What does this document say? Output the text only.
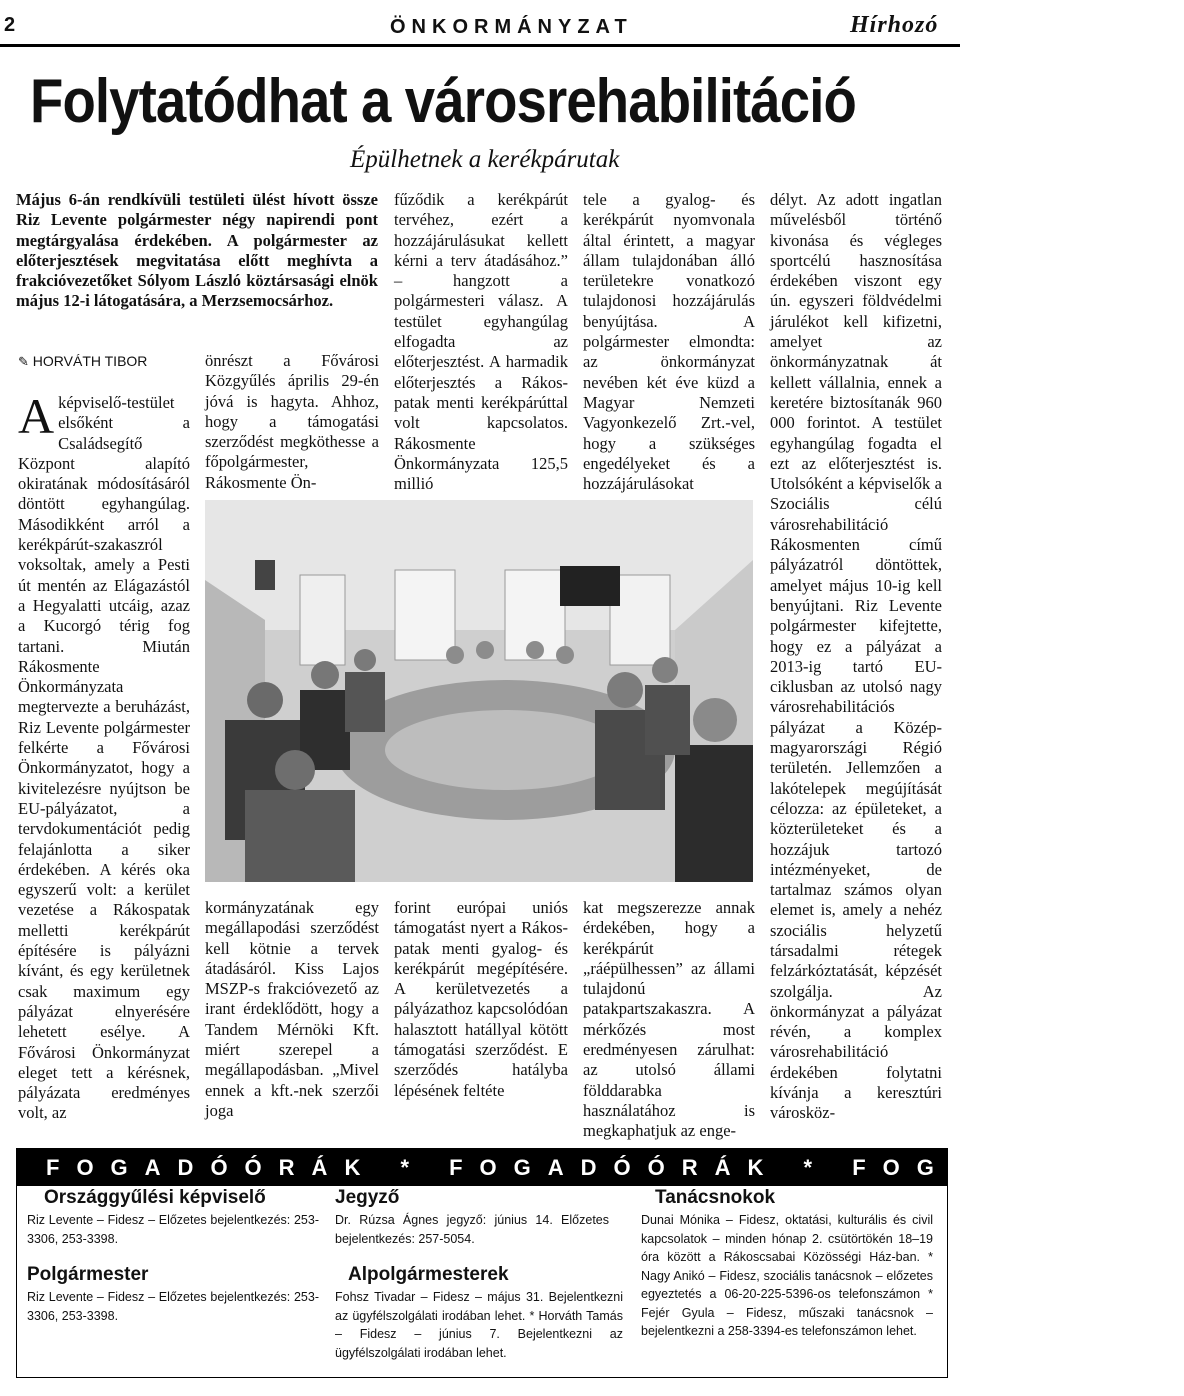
2	ÖNKORMÁNYZAT	Hírhozó
Folytatódhat a városrehabilitáció
Épülhetnek a kerékpárutak
Május 6-án rendkívüli testületi ülést hívott össze Riz Levente polgármester négy napirendi pont megtárgyalása érdekében. A polgármester az előterjesztések megvitatása előtt meghívta a frakcióvezetőket Sólyom László köztársasági elnök május 12-i látogatására, a Merzsemocsárhoz.
✎ HORVÁTH TIBOR
Aképviselő-testület elsőként a Családsegítő Központ alapító okiratának módosításáról döntött egyhangúlag. Másodikként arról a kerékpárút-szakaszról voksoltak, amely a Pesti út mentén az Elágazástól a Hegyalatti utcáig, azaz a Kucorgó térig fog tartani. Miután Rákosmente Önkormányzata megtervezte a beruházást, Riz Levente polgármester felkérte a Fővárosi Önkormányzatot, hogy a kivitelezésre nyújtson be EU-pályázatot, a tervdokumentációt pedig felajánlotta a siker érdekében. A kérés oka egyszerű volt: a kerület vezetése a Rákospatak melletti kerékpárút építésére is pályázni kívánt, és egy kerületnek csak maximum egy pályázat elnyerésére lehetett esélye. A Fővárosi Önkormányzat eleget tett a kérésnek, pályázata eredményes volt, az
önrészt a Fővárosi Közgyűlés április 29-én jóvá is hagyta. Ahhoz, hogy a támogatási szerződést megköthesse a főpolgármester, Rákosmente Ön-
kormányzatának egy megállapodási szerződést kell kötnie a tervek átadásáról. Kiss Lajos MSZP-s frakcióvezető az irant érdeklődött, hogy a Tandem Mérnöki Kft. miért szerepel a megállapodásban. „Mivel ennek a kft.-nek szerzői joga
fűződik a kerékpárút tervéhez, ezért a hozzájárulásukat kellett kérni a terv átadásához.” – hangzott a polgármesteri válasz. A testület egyhangúlag elfogadta az előterjesztést. A harmadik előterjesztés a Rákos-patak menti kerékpárúttal volt kapcsolatos. Rákosmente Önkormányzata 125,5 millió
forint európai uniós támogatást nyert a Rákos-patak menti gyalog- és kerékpárút megépítésére. A kerületvezetés a pályázathoz kapcsolódóan halasztott hatállyal kötött támogatási szerződést. E szerződés hatályba lépésének feltéte
tele a gyalog- és kerékpárút nyomvonala által érintett, a magyar állam tulajdonában álló területekre vonatkozó tulajdonosi hozzájárulás benyújtása. A polgármester elmondta: az önkormányzat nevében két éve küzd a Magyar Nemzeti Vagyonkezelő Zrt.-vel, hogy a szükséges engedélyeket és a hozzájárulásokat
kat megszerezze annak érdekében, hogy a kerékpárút „ráépülhessen” az állami tulajdonú patakpartszakaszra. A mérkőzés most eredményesen zárulhat: az utolsó állami földdarabka használatához is megkaphatjuk az enge-
délyt. Az adott ingatlan művelésből történő kivonása és végleges sportcélú hasznosítása érdekében viszont egy ún. egyszeri földvédelmi járulékot kell kifizetni, amelyet az önkormányzatnak át kellett vállalnia, ennek a keretére biztosítanák 960 000 forintot. A testület egyhangúlag fogadta el ezt az előterjesztést is. Utolsóként a képviselők a Szociális célú városrehabilitáció Rákosmenten című pályázatról döntöttek, amelyet május 10-ig kell benyújtani. Riz Levente polgármester kifejtette, hogy ez a pályázat a 2013-ig tartó EU-ciklusban az utolsó nagy városrehabilitációs pályázat a Közép-magyarországi Régió területén. Jellemzően a lakótelepek megújítását célozza: az épületeket, a közterületeket és a hozzájuk tartozó intézményeket, de tartalmaz számos olyan elemet is, amely a nehéz szociális helyzetű társadalmi rétegek felzárkóztatását, képzését szolgálja. Az önkormányzat a pályázat révén, a komplex városrehabilitáció érdekében folytatni kívánja a keresztúri városköz-
FOGADÓÓRÁK * FOGADÓÓRÁK * FOGADÓÓRÁK
Országgyűlési képviselő
Riz Levente – Fidesz – Előzetes bejelentkezés: 253-3306, 253-3398.
Polgármester
Riz Levente – Fidesz – Előzetes bejelentkezés: 253-3306, 253-3398.
Jegyző
Dr. Rúzsa Ágnes jegyző: június 14. Előzetes bejelentkezés: 257-5054.
Alpolgármesterek
Fohsz Tivadar – Fidesz – május 31. Bejelentkezni az ügyfélszolgálati irodában lehet. * Horváth Tamás – Fidesz – június 7. Bejelentkezni az ügyfélszolgálati irodában lehet.
Tanácsnokok
Dunai Mónika – Fidesz, oktatási, kulturális és civil kapcsolatok – minden hónap 2. csütörtökén 18–19 óra között a Rákoscsabai Közösségi Ház-ban. * Nagy Anikó – Fidesz, szociális tanácsnok – előzetes egyeztetés a 06-20-225-5396-os telefonszámon * Fejér Gyula – Fidesz, műszaki tanácsnok – bejelentkezni a 258-3394-es telefonszámon lehet.
